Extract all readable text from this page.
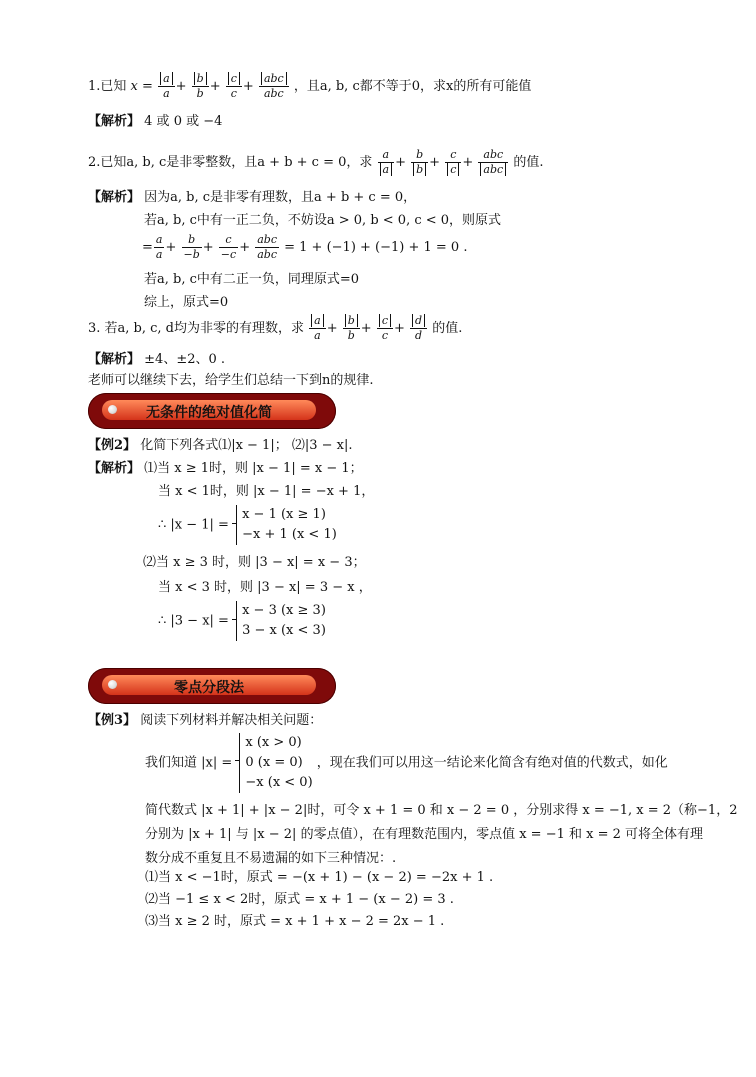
1.已知 $x = \frac{a}{a} + \frac{b}{b} + \frac{c}{c} + \frac{\text{abc}}{\text{abc}}$ ，且a, b, c都不等于0，求x的所有可能值
【解析】 4 或 0 或 −4
2.已知a, b, c是非零整数，且a + b + c = 0，求 $\frac{a}{a} + \frac{b}{b} + \frac{c}{c} + \frac{\text{abc}}{\text{abc}}$ 的值.
【解析】 因为a, b, c是非零有理数，且a + b + c = 0，
若a, b, c中有一正二负，不妨设a > 0, b < 0, c < 0，则原式
= $\frac{a}{a} + \frac{b}{-b} + \frac{c}{-c} + \frac{\text{abc}}{\text{abc}} = 1 + (-1) + (-1) + 1 = 0$ .
若a, b, c中有二正一负，同理原式=0
综上，原式=0
3. 若a, b, c, d均为非零的有理数，求 $\frac{a}{a} + \frac{b}{b} + \frac{c}{c} + \frac{d}{d}$ 的值.
【解析】 ±4、±2、0 .
老师可以继续下去，给学生们总结一下到n的规律.
无条件的绝对值化简
【例2】 化简下列各式⑴|x − 1|； ⑵|3 − x|.
【解析】 ⑴当 x ≥ 1时，则 |x − 1| = x − 1；
当 x < 1时，则 |x − 1| = −x + 1，
∴ |x − 1| =
x − 1 (x ≥ 1)
−x + 1 (x < 1)
⑵当 x ≥ 3 时，则 |3 − x| = x − 3；
当 x < 3 时，则 |3 − x| = 3 − x ，
∴ |3 − x| =
x − 3 (x ≥ 3)
3 − x (x < 3)
零点分段法
【例3】 阅读下列材料并解决相关问题：
我们知道 |x| =
x (x > 0)
0 (x = 0)
−x (x < 0)
，现在我们可以用这一结论来化简含有绝对值的代数式，如化
简代数式 |x + 1| + |x − 2|时，可令 x + 1 = 0 和 x − 2 = 0 ，分别求得 x = −1, x = 2（称−1，2
分别为 |x + 1| 与 |x − 2| 的零点值），在有理数范围内，零点值 x = −1 和 x = 2 可将全体有理
数分成不重复且不易遗漏的如下三种情况：.
⑴当 x < −1时，原式 = −(x + 1) − (x − 2) = −2x + 1 .
⑵当 −1 ≤ x < 2时，原式 = x + 1 − (x − 2) = 3 .
⑶当 x ≥ 2 时，原式 = x + 1 + x − 2 = 2x − 1 .
